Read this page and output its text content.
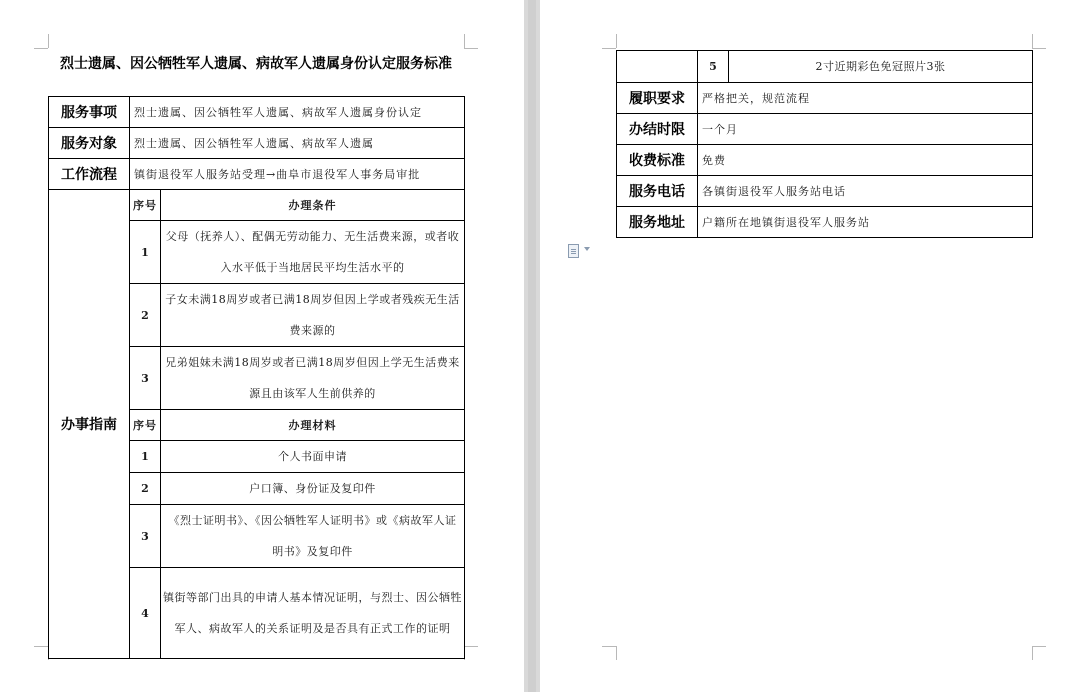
烈士遗属、因公牺牲军人遗属、病故军人遗属身份认定服务标准
服务事项	烈士遗属、因公牺牲军人遗属、病故军人遗属身份认定	
服务对象	烈士遗属、因公牺牲军人遗属、病故军人遗属	
工作流程	镇街退役军人服务站受理→曲阜市退役军人事务局审批	
办事指南	序号	办理条件
	1	父母（抚养人）、配偶无劳动能力、无生活费来源，或者收入水平低于当地居民平均生活水平的
	2	子女未满18周岁或者已满18周岁但因上学或者残疾无生活费来源的
	3	兄弟姐妹未满18周岁或者已满18周岁但因上学无生活费来源且由该军人生前供养的
	序号	办理材料
	1	个人书面申请
	2	户口簿、身份证及复印件
	3	《烈士证明书》、《因公牺牲军人证明书》或《病故军人证明书》及复印件
	4	镇街等部门出具的申请人基本情况证明，与烈士、因公牺牲军人、病故军人的关系证明及是否具有正式工作的证明
	5	2寸近期彩色免冠照片3张
履职要求	严格把关，规范流程	
办结时限	一个月	
收费标准	免费	
服务电话	各镇街退役军人服务站电话	
服务地址	户籍所在地镇街退役军人服务站	
